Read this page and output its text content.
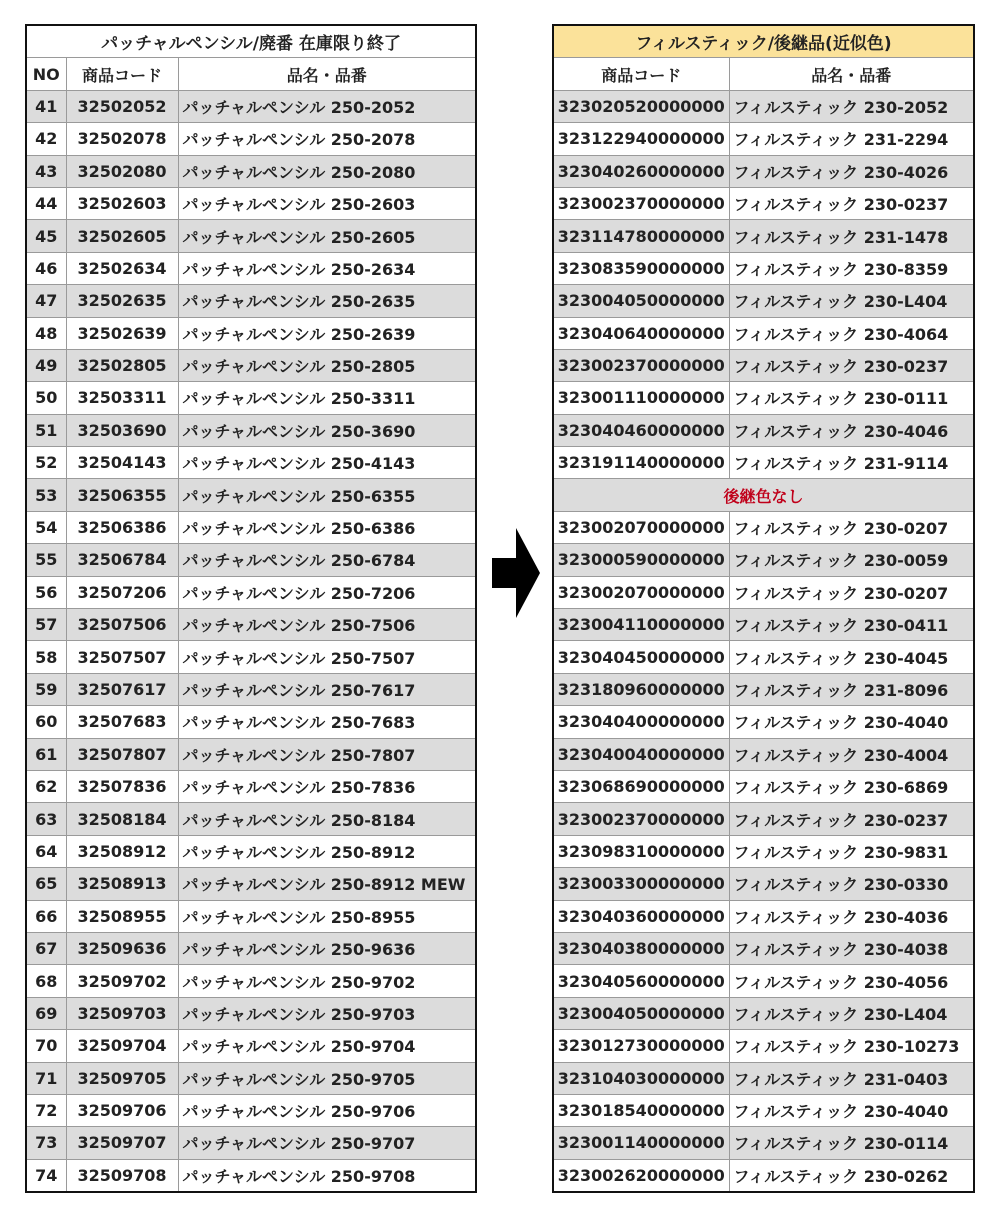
パッチャルペンシル/廃番 在庫限り終了		
NO	商品コード	品名・品番
41	32502052	パッチャルペンシル 250-2052
42	32502078	パッチャルペンシル 250-2078
43	32502080	パッチャルペンシル 250-2080
44	32502603	パッチャルペンシル 250-2603
45	32502605	パッチャルペンシル 250-2605
46	32502634	パッチャルペンシル 250-2634
47	32502635	パッチャルペンシル 250-2635
48	32502639	パッチャルペンシル 250-2639
49	32502805	パッチャルペンシル 250-2805
50	32503311	パッチャルペンシル 250-3311
51	32503690	パッチャルペンシル 250-3690
52	32504143	パッチャルペンシル 250-4143
53	32506355	パッチャルペンシル 250-6355
54	32506386	パッチャルペンシル 250-6386
55	32506784	パッチャルペンシル 250-6784
56	32507206	パッチャルペンシル 250-7206
57	32507506	パッチャルペンシル 250-7506
58	32507507	パッチャルペンシル 250-7507
59	32507617	パッチャルペンシル 250-7617
60	32507683	パッチャルペンシル 250-7683
61	32507807	パッチャルペンシル 250-7807
62	32507836	パッチャルペンシル 250-7836
63	32508184	パッチャルペンシル 250-8184
64	32508912	パッチャルペンシル 250-8912
65	32508913	パッチャルペンシル 250-8912 MEW
66	32508955	パッチャルペンシル 250-8955
67	32509636	パッチャルペンシル 250-9636
68	32509702	パッチャルペンシル 250-9702
69	32509703	パッチャルペンシル 250-9703
70	32509704	パッチャルペンシル 250-9704
71	32509705	パッチャルペンシル 250-9705
72	32509706	パッチャルペンシル 250-9706
73	32509707	パッチャルペンシル 250-9707
74	32509708	パッチャルペンシル 250-9708
フィルスティック/後継品(近似色)	
商品コード	品名・品番
323020520000000	フィルスティック 230-2052
323122940000000	フィルスティック 231-2294
323040260000000	フィルスティック 230-4026
323002370000000	フィルスティック 230-0237
323114780000000	フィルスティック 231-1478
323083590000000	フィルスティック 230-8359
323004050000000	フィルスティック 230-L404
323040640000000	フィルスティック 230-4064
323002370000000	フィルスティック 230-0237
323001110000000	フィルスティック 230-0111
323040460000000	フィルスティック 230-4046
323191140000000	フィルスティック 231-9114
後継色なし	
323002070000000	フィルスティック 230-0207
323000590000000	フィルスティック 230-0059
323002070000000	フィルスティック 230-0207
323004110000000	フィルスティック 230-0411
323040450000000	フィルスティック 230-4045
323180960000000	フィルスティック 231-8096
323040400000000	フィルスティック 230-4040
323040040000000	フィルスティック 230-4004
323068690000000	フィルスティック 230-6869
323002370000000	フィルスティック 230-0237
323098310000000	フィルスティック 230-9831
323003300000000	フィルスティック 230-0330
323040360000000	フィルスティック 230-4036
323040380000000	フィルスティック 230-4038
323040560000000	フィルスティック 230-4056
323004050000000	フィルスティック 230-L404
323012730000000	フィルスティック 230-10273
323104030000000	フィルスティック 231-0403
323018540000000	フィルスティック 230-4040
323001140000000	フィルスティック 230-0114
323002620000000	フィルスティック 230-0262
